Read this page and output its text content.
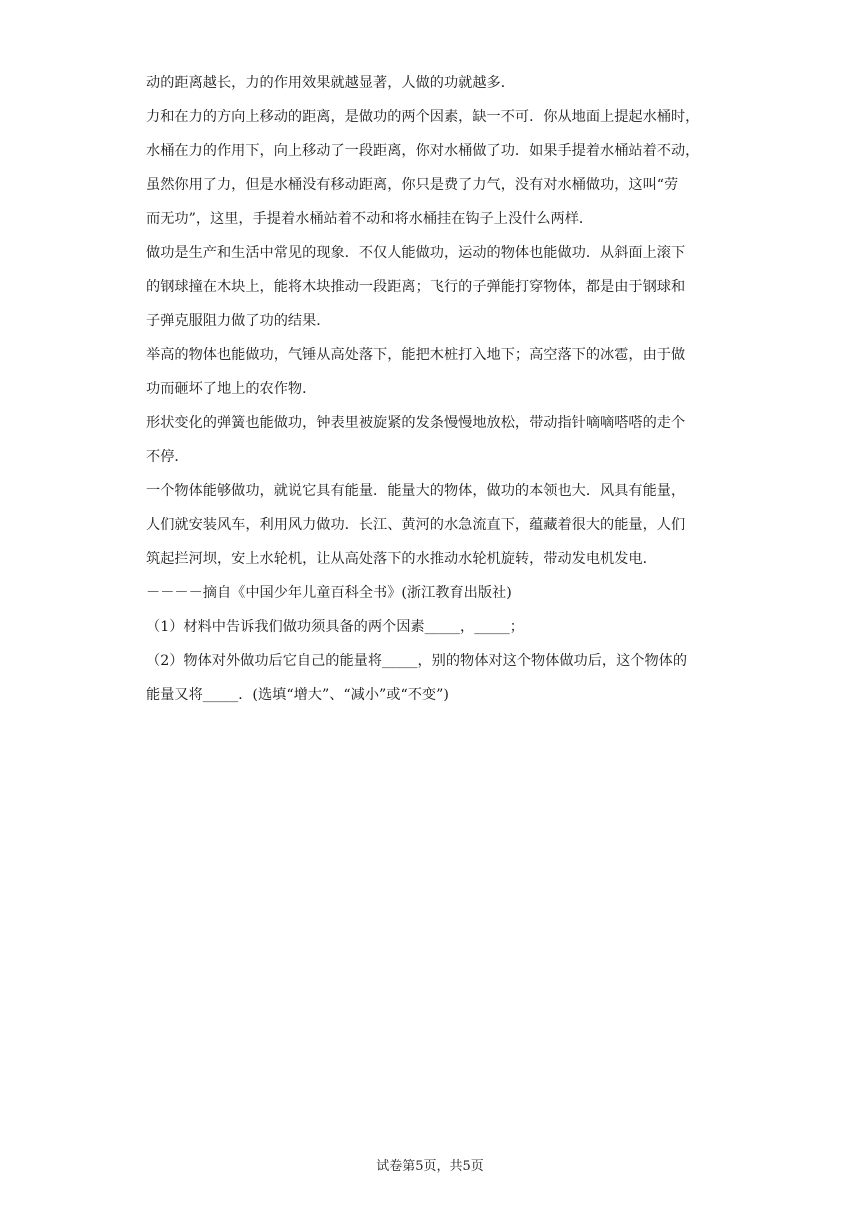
动的距离越长，力的作用效果就越显著，人做的功就越多．
力和在力的方向上移动的距离，是做功的两个因素，缺一不可．你从地面上提起水桶时，
水桶在力的作用下，向上移动了一段距离，你对水桶做了功．如果手提着水桶站着不动，
虽然你用了力，但是水桶没有移动距离，你只是费了力气，没有对水桶做功，这叫“劳
而无功”，这里，手提着水桶站着不动和将水桶挂在钩子上没什么两样．
做功是生产和生活中常见的现象．不仅人能做功，运动的物体也能做功．从斜面上滚下
的钢球撞在木块上，能将木块推动一段距离；飞行的子弹能打穿物体，都是由于钢球和
子弹克服阻力做了功的结果．
举高的物体也能做功，气锤从高处落下，能把木桩打入地下；高空落下的冰雹，由于做
功而砸坏了地上的农作物．
形状变化的弹簧也能做功，钟表里被旋紧的发条慢慢地放松，带动指针嘀嘀嗒嗒的走个
不停．
一个物体能够做功，就说它具有能量．能量大的物体，做功的本领也大．风具有能量，
人们就安装风车，利用风力做功．长江、黄河的水急流直下，蕴藏着很大的能量，人们
筑起拦河坝，安上水轮机，让从高处落下的水推动水轮机旋转，带动发电机发电．
－－－－摘自《中国少年儿童百科全书》(浙江教育出版社)
（1）材料中告诉我们做功须具备的两个因素_____，_____；
（2）物体对外做功后它自己的能量将_____，别的物体对这个物体做功后，这个物体的
能量又将_____．(选填“增大”、“减小”或“不变”)
试卷第5页，共5页
